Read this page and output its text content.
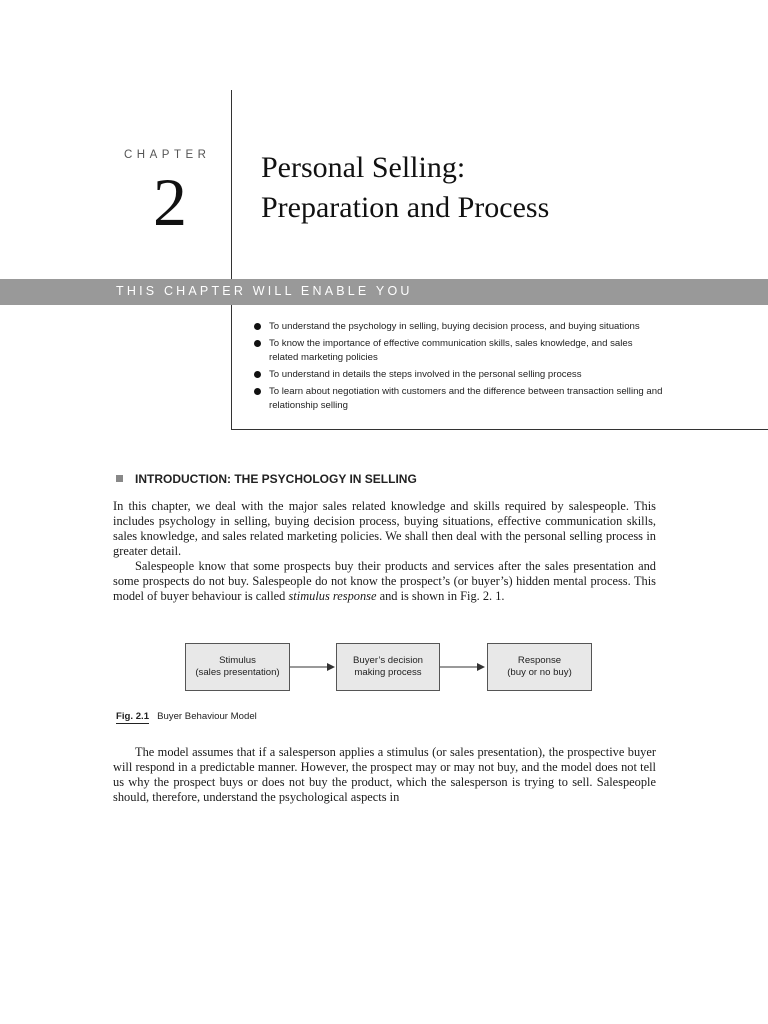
CHAPTER
2	Personal Selling:
Preparation and Process
THIS CHAPTER WILL ENABLE YOU
To understand the psychology in selling, buying decision process, and buying situations
To know the importance of effective communication skills, sales knowledge, and sales related marketing policies
To understand in details the steps involved in the personal selling process
To learn about negotiation with customers and the difference between transaction selling and relationship selling
INTRODUCTION: THE PSYCHOLOGY IN SELLING

In this chapter, we deal with the major sales related knowledge and skills required by salespeople. This includes psychology in selling, buying decision process, buying situations, effective communication skills, sales knowledge, and sales related marketing policies. We shall then deal with the personal selling process in greater detail.

Salespeople know that some prospects buy their products and services after the sales presentation and some prospects do not buy. Salespeople do not know the prospect’s (or buyer’s) hidden mental process. This model of buyer behaviour is called stimulus response and is shown in Fig. 2. 1.

Stimulus
(sales presentation)
Buyer’s decision
making process
Response
(buy or no buy)
Fig. 2.1 Buyer Behaviour Model

The model assumes that if a salesperson applies a stimulus (or sales presentation), the prospective buyer will respond in a predictable manner. However, the prospect may or may not buy, and the model does not tell us why the prospect buys or does not buy the product, which the salesperson is trying to sell. Salespeople should, therefore, understand the psychological aspects in
